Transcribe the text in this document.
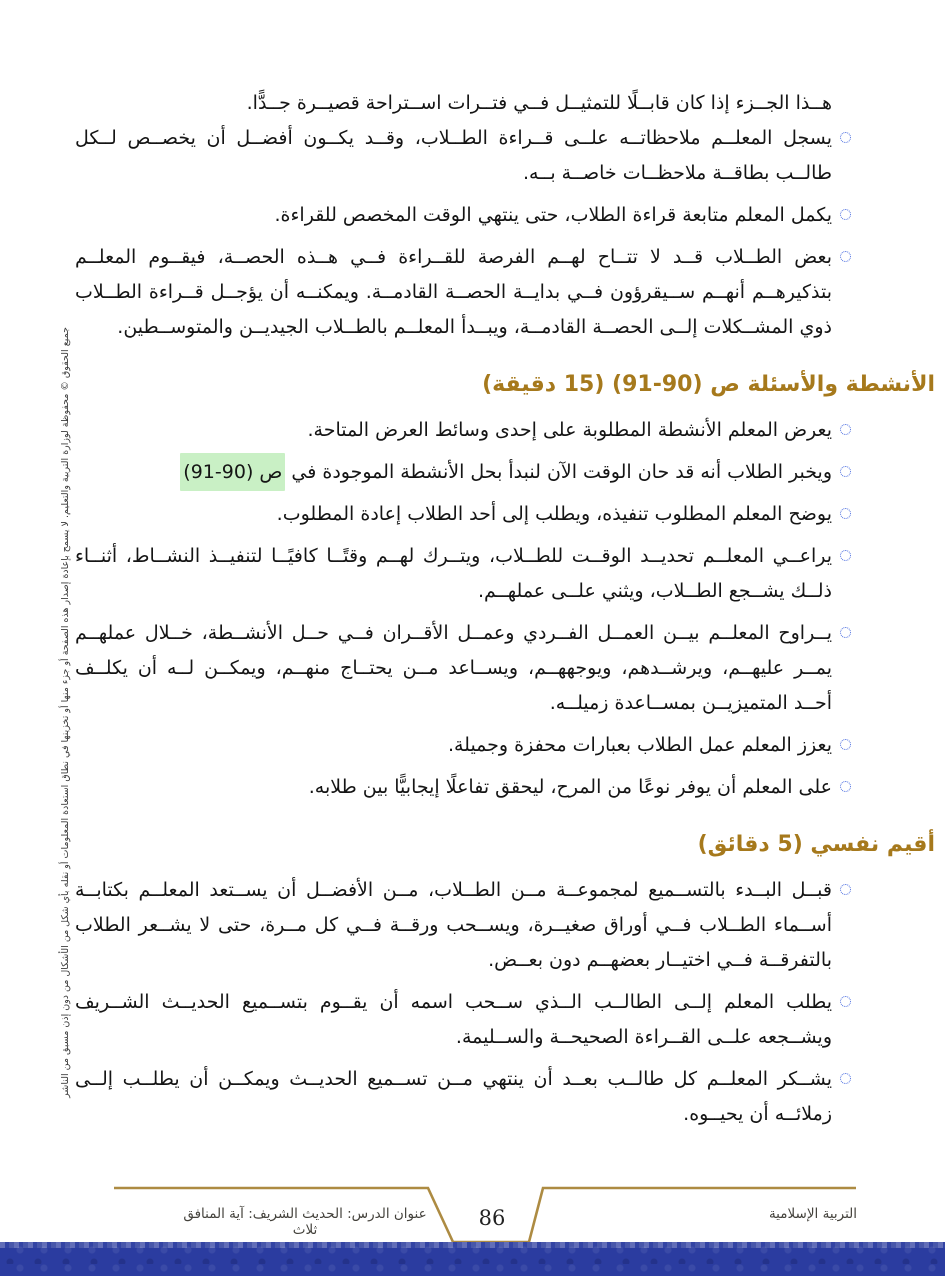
جميع الحقوق © محفوظة لوزارة التربية والتعليم. لا يسمح بإعادة إصدار هذه الصفحة أو جزء منها أو تخزينها في نطاق استعادة المعلومات أو نقله بأي شكل من الأشكال من دون إذن مسبق من الناشر

هــذا الجــزء إذا كان قابــلًا للتمثيــل فــي فتــرات اســتراحة قصيــرة جــدًّا.

يسجل المعلــم ملاحظاتــه علــى قــراءة الطــلاب، وقــد يكــون أفضــل أن يخصــص لــكل طالــب بطاقــة ملاحظــات خاصــة بــه.

يكمل المعلم متابعة قراءة الطلاب، حتى ينتهي الوقت المخصص للقراءة.

بعض الطــلاب قــد لا تتــاح لهــم الفرصة للقــراءة فــي هــذه الحصــة، فيقــوم المعلــم بتذكيرهــم أنهــم ســيقرؤون فــي بدايــة الحصــة القادمــة. ويمكنــه أن يؤجــل قــراءة الطــلاب ذوي المشــكلات إلــى الحصــة القادمــة، ويبــدأ المعلــم بالطــلاب الجيديــن والمتوســطين.

الأنشطة والأسئلة ص (90-91) (15 دقيقة)

يعرض المعلم الأنشطة المطلوبة على إحدى وسائط العرض المتاحة.

ويخبر الطلاب أنه قد حان الوقت الآن لنبدأ بحل الأنشطة الموجودة في ص (90-91)

يوضح المعلم المطلوب تنفيذه، ويطلب إلى أحد الطلاب إعادة المطلوب.

يراعــي المعلــم تحديــد الوقــت للطــلاب، ويتــرك لهــم وقتًــا كافيًــا لتنفيــذ النشــاط، أثنــاء ذلــك يشــجع الطــلاب، ويثني علــى عملهــم.

يــراوح المعلــم بيــن العمــل الفــردي وعمــل الأقــران فــي حــل الأنشــطة، خــلال عملهــم يمــر عليهــم، ويرشــدهم، ويوجههــم، ويســاعد مــن يحتــاج منهــم، ويمكــن لــه أن يكلــف أحــد المتميزيــن بمســاعدة زميلــه.

يعزز المعلم عمل الطلاب بعبارات محفزة وجميلة.

على المعلم أن يوفر نوعًا من المرح، ليحقق تفاعلًا إيجابيًّا بين طلابه.

أقيم نفسي (5 دقائق)

قبــل البــدء بالتســميع لمجموعــة مــن الطــلاب، مــن الأفضــل أن يســتعد المعلــم بكتابــة أســماء الطــلاب فــي أوراق صغيــرة، ويســحب ورقــة فــي كل مــرة، حتى لا يشــعر الطلاب بالتفرقــة فــي اختيــار بعضهــم دون بعــض.

يطلب المعلم إلــى الطالــب الــذي ســحب اسمه أن يقــوم بتســميع الحديــث الشــريف ويشــجعه علــى القــراءة الصحيحــة والســليمة.

يشــكر المعلــم كل طالــب بعــد أن ينتهي مــن تســميع الحديــث ويمكــن أن يطلــب إلــى زملائــه أن يحيــوه.

86
عنوان الدرس: الحديث الشريف: آية المنافق ثلاث
التربية الإسلامية
